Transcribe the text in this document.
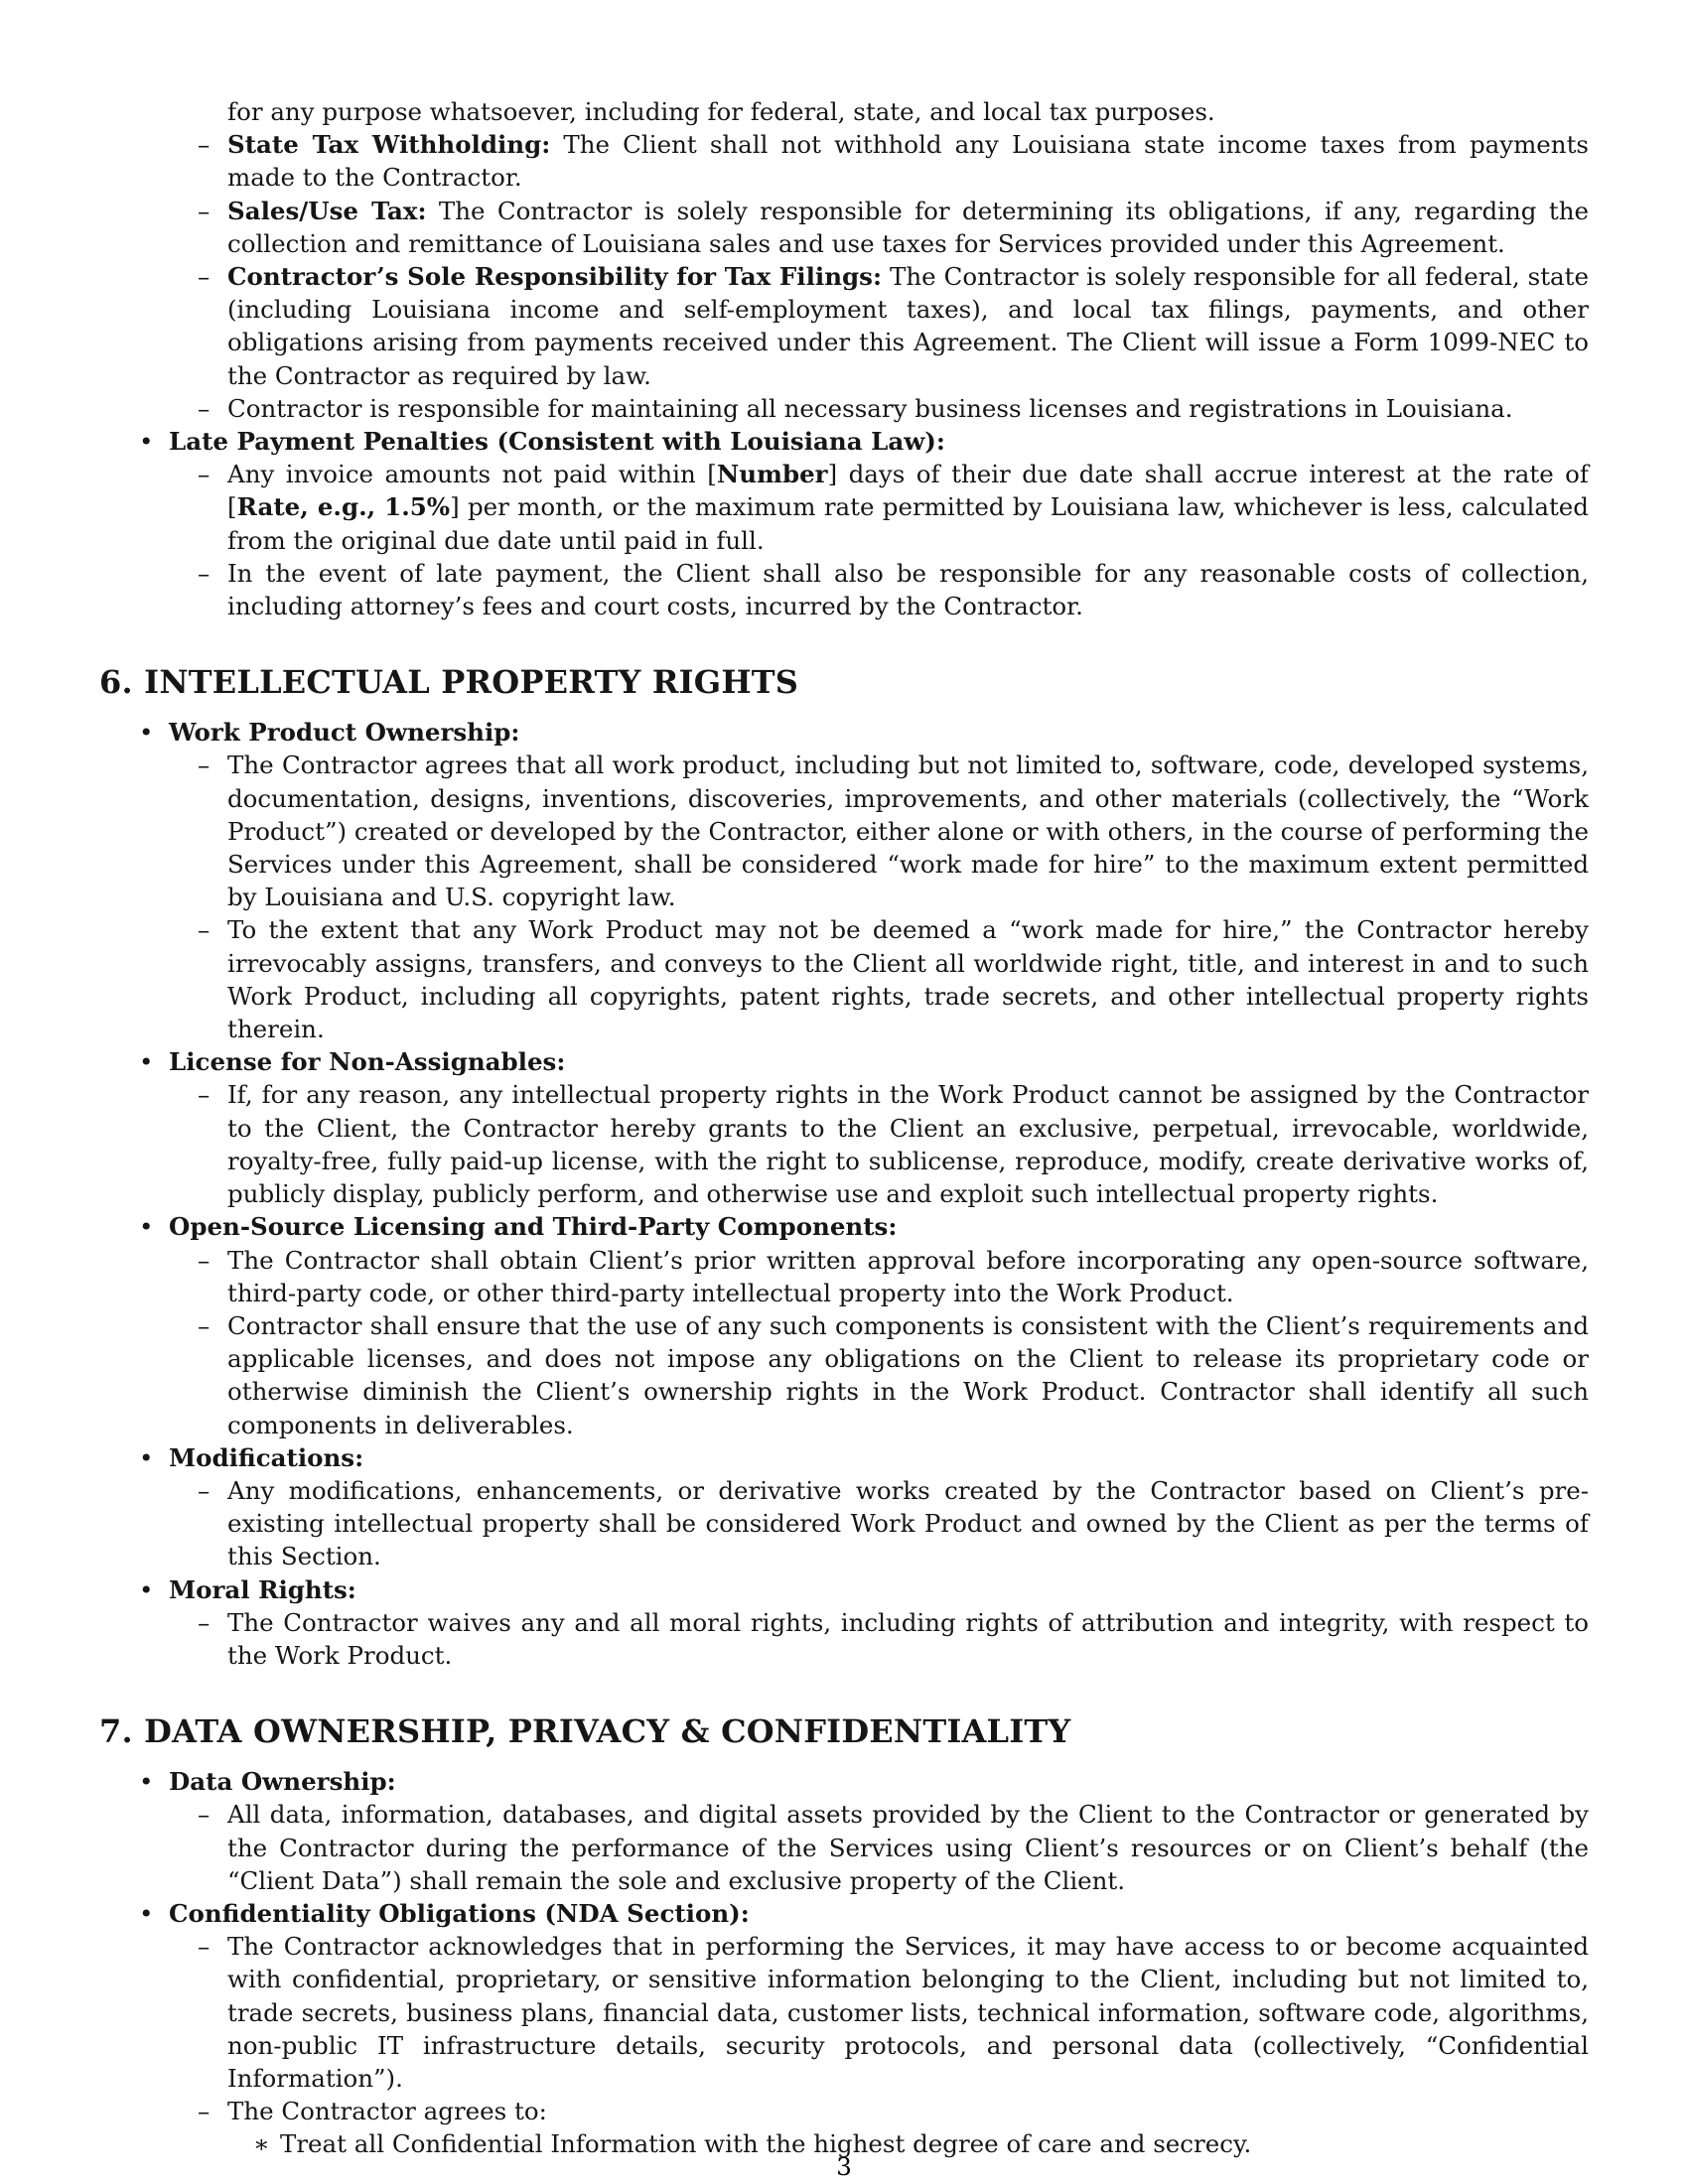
for any purpose whatsoever, including for federal, state, and local tax purposes.

– State Tax Withholding: The Client shall not withhold any Louisiana state income taxes from payments made to the Contractor.

– Sales/Use Tax: The Contractor is solely responsible for determining its obligations, if any, regarding the collection and remittance of Louisiana sales and use taxes for Services provided under this Agreement.

– Contractor’s Sole Responsibility for Tax Filings: The Contractor is solely responsible for all federal, state (including Louisiana income and self-employment taxes), and local tax filings, payments, and other obligations arising from payments received under this Agreement. The Client will issue a Form 1099-NEC to the Contractor as required by law.

– Contractor is responsible for maintaining all necessary business licenses and registrations in Louisiana.

• Late Payment Penalties (Consistent with Louisiana Law):

– Any invoice amounts not paid within [Number] days of their due date shall accrue interest at the rate of [Rate, e.g., 1.5%] per month, or the maximum rate permitted by Louisiana law, whichever is less, calculated from the original due date until paid in full.

– In the event of late payment, the Client shall also be responsible for any reasonable costs of collection, including attorney’s fees and court costs, incurred by the Contractor.

6. INTELLECTUAL PROPERTY RIGHTS

• Work Product Ownership:

– The Contractor agrees that all work product, including but not limited to, software, code, developed systems, documentation, designs, inventions, discoveries, improvements, and other materials (collectively, the “Work Product”) created or developed by the Contractor, either alone or with others, in the course of performing the Services under this Agreement, shall be considered “work made for hire” to the maximum extent permitted by Louisiana and U.S. copyright law.

– To the extent that any Work Product may not be deemed a “work made for hire,” the Contractor hereby irrevocably assigns, transfers, and conveys to the Client all worldwide right, title, and interest in and to such Work Product, including all copyrights, patent rights, trade secrets, and other intellectual property rights therein.

• License for Non-Assignables:

– If, for any reason, any intellectual property rights in the Work Product cannot be assigned by the Contractor to the Client, the Contractor hereby grants to the Client an exclusive, perpetual, irrevocable, worldwide, royalty-free, fully paid-up license, with the right to sublicense, reproduce, modify, create derivative works of, publicly display, publicly perform, and otherwise use and exploit such intellectual property rights.

• Open-Source Licensing and Third-Party Components:

– The Contractor shall obtain Client’s prior written approval before incorporating any open-source software, third-party code, or other third-party intellectual property into the Work Product.

– Contractor shall ensure that the use of any such components is consistent with the Client’s requirements and applicable licenses, and does not impose any obligations on the Client to release its proprietary code or otherwise diminish the Client’s ownership rights in the Work Product. Contractor shall identify all such components in deliverables.

• Modifications:

– Any modifications, enhancements, or derivative works created by the Contractor based on Client’s pre-existing intellectual property shall be considered Work Product and owned by the Client as per the terms of this Section.

• Moral Rights:

– The Contractor waives any and all moral rights, including rights of attribution and integrity, with respect to the Work Product.

7. DATA OWNERSHIP, PRIVACY & CONFIDENTIALITY

• Data Ownership:

– All data, information, databases, and digital assets provided by the Client to the Contractor or generated by the Contractor during the performance of the Services using Client’s resources or on Client’s behalf (the “Client Data”) shall remain the sole and exclusive property of the Client.

• Confidentiality Obligations (NDA Section):

– The Contractor acknowledges that in performing the Services, it may have access to or become acquainted with confidential, proprietary, or sensitive information belonging to the Client, including but not limited to, trade secrets, business plans, financial data, customer lists, technical information, software code, algorithms, non-public IT infrastructure details, security protocols, and personal data (collectively, “Confidential Information”).

– The Contractor agrees to:

∗ Treat all Confidential Information with the highest degree of care and secrecy.

3
